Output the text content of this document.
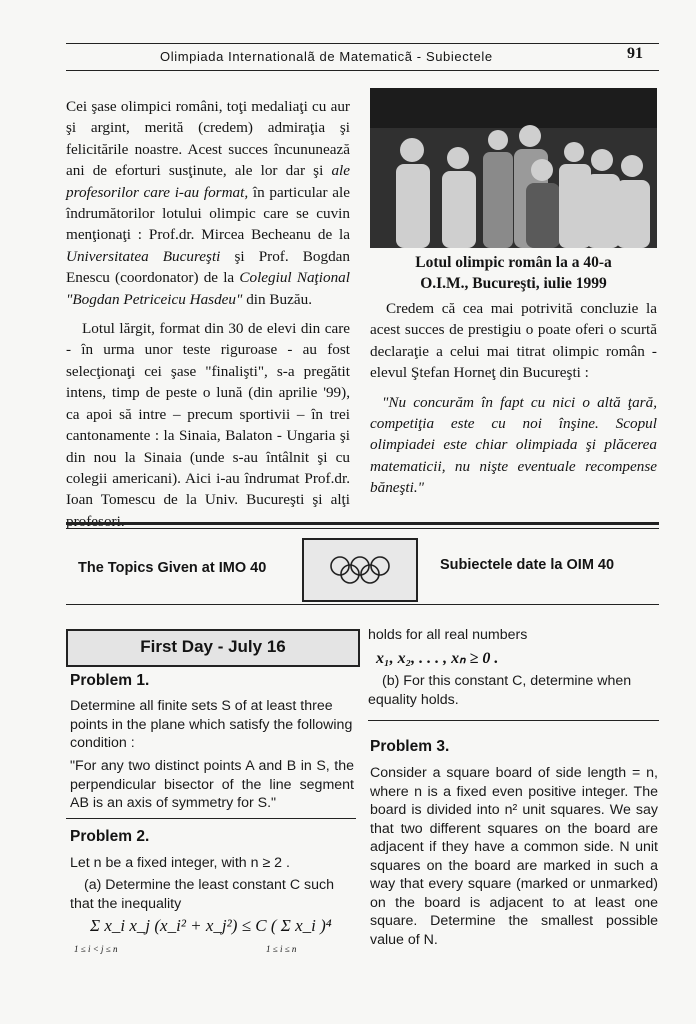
Olimpiada Internationalã de Matematicã - Subiectele	91

Cei şase olimpici români, toţi medaliaţi cu aur şi argint, merită (credem) admiraţia şi felicitările noastre. Acest succes încununează ani de eforturi susţinute, ale lor dar şi ale profesorilor care i-au format, în particular ale îndrumătorilor lotului olimpic care se cuvin menţionaţi : Prof.dr. Mircea Becheanu de la Universitatea Bucureşti şi Prof. Bogdan Enescu (coordonator) de la Colegiul Naţional "Bogdan Petriceicu Hasdeu" din Buzău.

Lotul lărgit, format din 30 de elevi din care - în urma unor teste riguroase - au fost selecţionaţi cei şase "finalişti", s-a pregătit intens, timp de peste o lună (din aprilie '99), ca apoi să intre – precum sportivii – în trei cantonamente : la Sinaia, Balaton - Ungaria şi din nou la Sinaia (unde s-au întâlnit şi cu colegii americani). Aici i-au îndrumat Prof.dr. Ioan Tomescu de la Univ. Bucureşti şi alţi

Lotul olimpic român la a 40-a
O.I.M., Bucureşti, iulie 1999

Credem că cea mai potrivită concluzie la acest succes de prestigiu o poate oferi o scurtă declaraţie a celui mai titrat olimpic român - elevul Ştefan Horneţ din Bucureşti :

"Nu concurăm în fapt cu nici o altă ţară, competiţia este cu noi înşine. Scopul olimpiadei este chiar olimpiada şi plăcerea matematicii, nu nişte eventuale recompense băneşti."

The Topics Given at IMO 40	Subiectele date la OIM 40
First Day - July 16
Problem 1.
Determine all finite sets S of at least three points in the plane which satisfy the following condition :
"For any two distinct points A and B in S, the perpendicular bisector of the line segment AB is an axis of symmetry for S."
Problem 2.
Let n be a fixed integer, with n ≥ 2 .
(a) Determine the least constant C such that the inequality
Σ x_i x_j (x_i² + x_j²) ≤ C ( Σ x_i )⁴
1 ≤ i < j ≤ n	1 ≤ i ≤ n
holds for all real numbers
x₁, x₂, . . . , xₙ ≥ 0 .
(b) For this constant C, determine when equality holds.
Problem 3.
Consider a square board of side length = n, where n is a fixed even positive integer. The board is divided into n² unit squares. We say that two different squares on the board are adjacent if they have a common side. N unit squares on the board are marked in such a way that every square (marked or unmarked) on the board is adjacent to at least one square. Determine the smallest possible value of N.
